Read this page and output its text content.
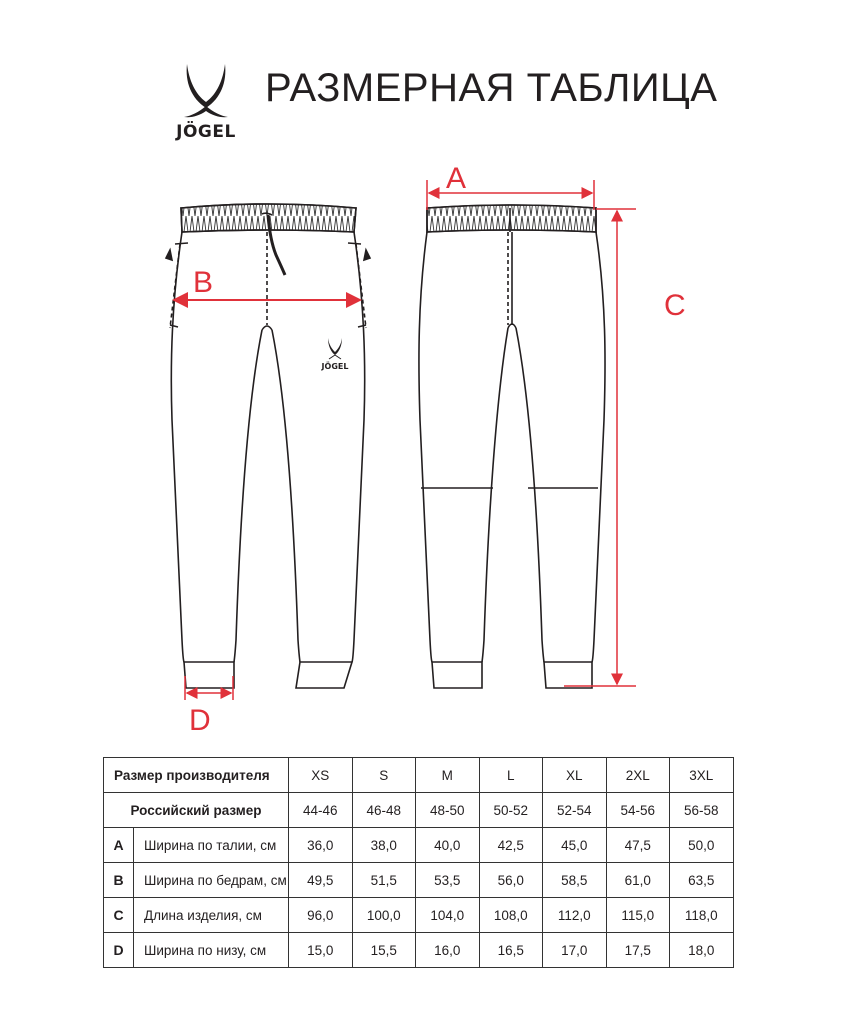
JÖGEL
РАЗМЕРНАЯ ТАБЛИЦА
JÖGEL
A
B
C
D
Размер производителя		XS	S	M	L	XL	2XL	3XL
Российский размер		44-46	46-48	48-50	50-52	52-54	54-56	56-58
A	Ширина по талии, см	36,0	38,0	40,0	42,5	45,0	47,5	50,0
B	Ширина по бедрам, см	49,5	51,5	53,5	56,0	58,5	61,0	63,5
C	Длина изделия, см	96,0	100,0	104,0	108,0	112,0	115,0	118,0
D	Ширина по низу, см	15,0	15,5	16,0	16,5	17,0	17,5	18,0
